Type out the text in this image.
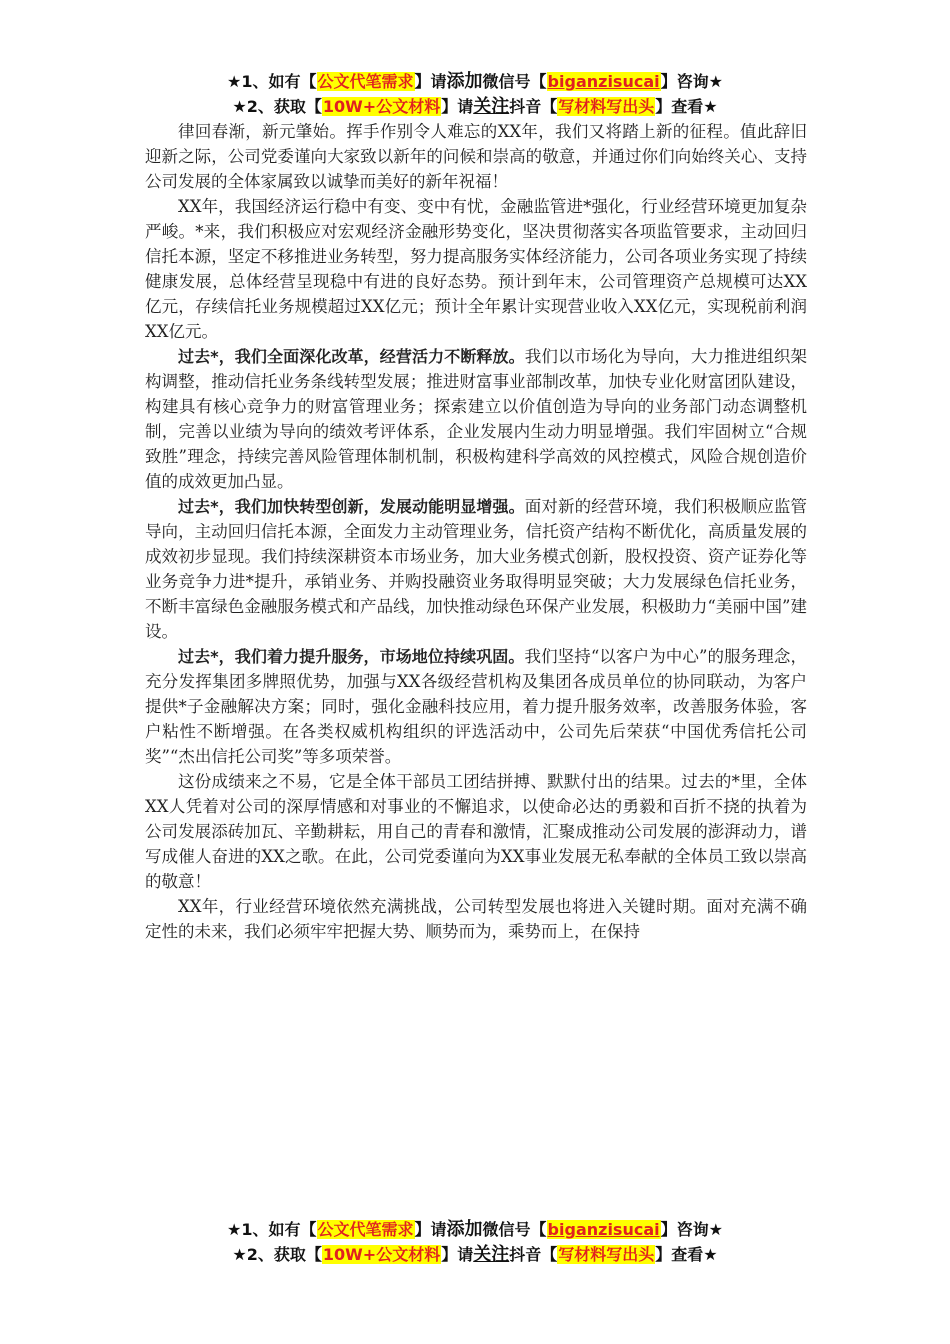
★1、如有【公文代笔需求】请添加微信号【biganzisucai】咨询★
★2、获取【10W+公文材料】请关注抖音【写材料写出头】查看★

律回春渐，新元肇始。挥手作别令人难忘的XX年，我们又将踏上新的征程。值此辞旧迎新之际，公司党委谨向大家致以新年的问候和崇高的敬意，并通过你们向始终关心、支持公司发展的全体家属致以诚挚而美好的新年祝福！

XX年，我国经济运行稳中有变、变中有忧，金融监管进*强化，行业经营环境更加复杂严峻。*来，我们积极应对宏观经济金融形势变化，坚决贯彻落实各项监管要求，主动回归信托本源，坚定不移推进业务转型，努力提高服务实体经济能力，公司各项业务实现了持续健康发展，总体经营呈现稳中有进的良好态势。预计到年末，公司管理资产总规模可达XX亿元，存续信托业务规模超过XX亿元；预计全年累计实现营业收入XX亿元，实现税前利润XX亿元。

过去*，我们全面深化改革，经营活力不断释放。我们以市场化为导向，大力推进组织架构调整，推动信托业务条线转型发展；推进财富事业部制改革，加快专业化财富团队建设，构建具有核心竞争力的财富管理业务；探索建立以价值创造为导向的业务部门动态调整机制，完善以业绩为导向的绩效考评体系，企业发展内生动力明显增强。我们牢固树立“合规致胜”理念，持续完善风险管理体制机制，积极构建科学高效的风控模式，风险合规创造价值的成效更加凸显。

过去*，我们加快转型创新，发展动能明显增强。面对新的经营环境，我们积极顺应监管导向，主动回归信托本源，全面发力主动管理业务，信托资产结构不断优化，高质量发展的成效初步显现。我们持续深耕资本市场业务，加大业务模式创新，股权投资、资产证券化等业务竞争力进*提升，承销业务、并购投融资业务取得明显突破；大力发展绿色信托业务，不断丰富绿色金融服务模式和产品线，加快推动绿色环保产业发展，积极助力“美丽中国”建设。

过去*，我们着力提升服务，市场地位持续巩固。我们坚持“以客户为中心”的服务理念，充分发挥集团多牌照优势，加强与XX各级经营机构及集团各成员单位的协同联动，为客户提供*子金融解决方案；同时，强化金融科技应用，着力提升服务效率，改善服务体验，客户粘性不断增强。在各类权威机构组织的评选活动中，公司先后荣获“中国优秀信托公司奖”“杰出信托公司奖”等多项荣誉。

这份成绩来之不易，它是全体干部员工团结拼搏、默默付出的结果。过去的*里，全体XX人凭着对公司的深厚情感和对事业的不懈追求，以使命必达的勇毅和百折不挠的执着为公司发展添砖加瓦、辛勤耕耘，用自己的青春和激情，汇聚成推动公司发展的澎湃动力，谱写成催人奋进的XX之歌。在此，公司党委谨向为XX事业发展无私奉献的全体员工致以崇高的敬意！

XX年，行业经营环境依然充满挑战，公司转型发展也将进入关键时期。面对充满不确定性的未来，我们必须牢牢把握大势、顺势而为，乘势而上，在保持

★1、如有【公文代笔需求】请添加微信号【biganzisucai】咨询★
★2、获取【10W+公文材料】请关注抖音【写材料写出头】查看★
